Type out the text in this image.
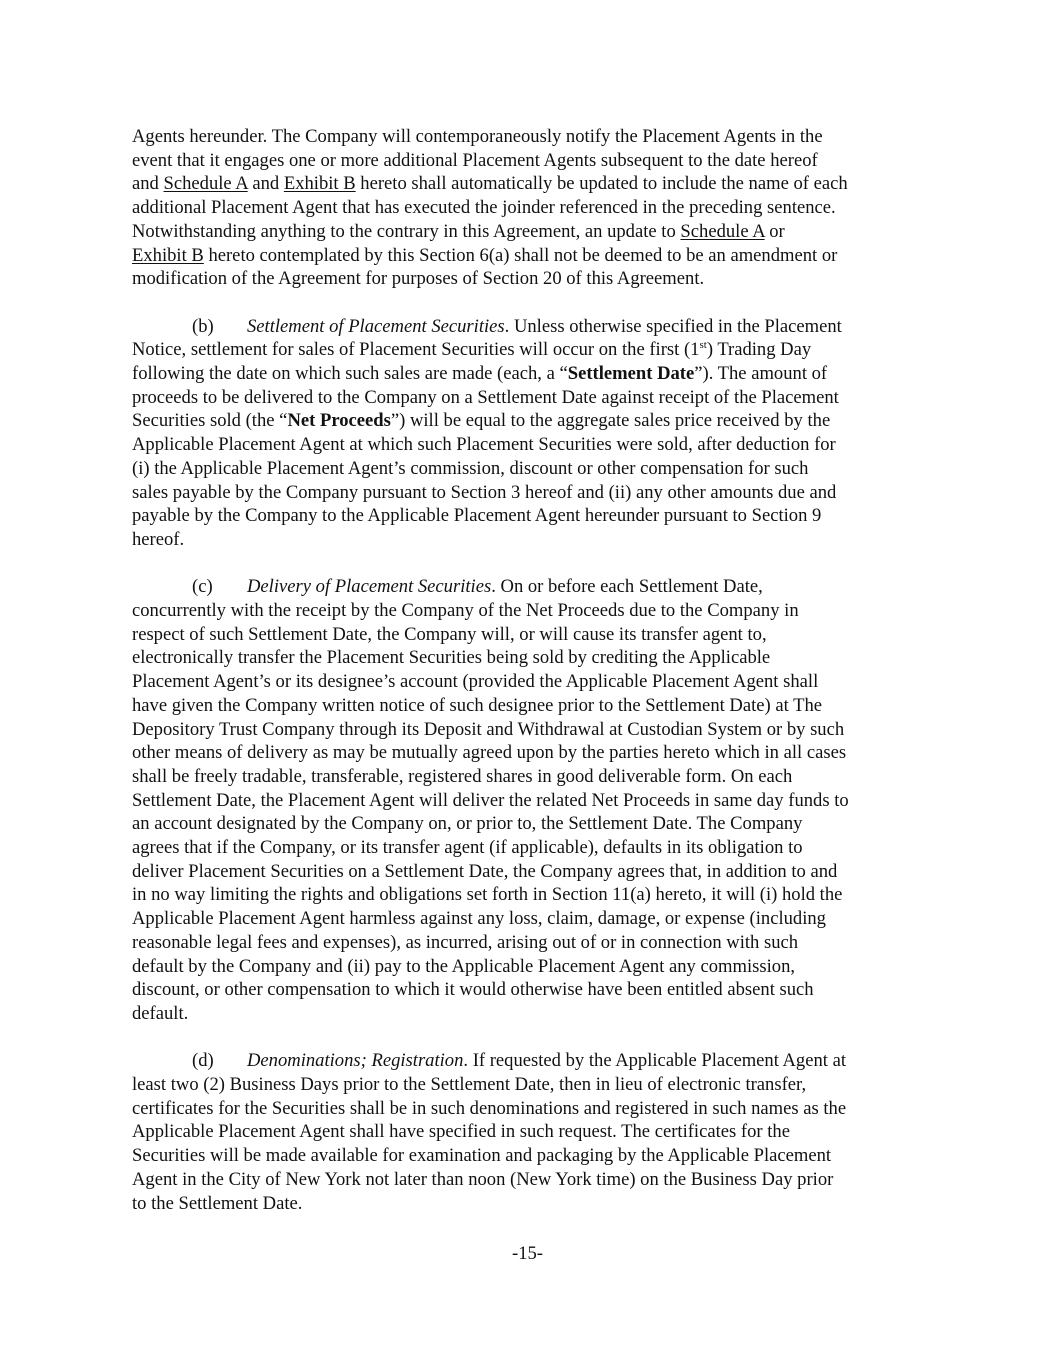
Agents hereunder. The Company will contemporaneously notify the Placement Agents in the
event that it engages one or more additional Placement Agents subsequent to the date hereof
and Schedule A and Exhibit B hereto shall automatically be updated to include the name of each
additional Placement Agent that has executed the joinder referenced in the preceding sentence.
Notwithstanding anything to the contrary in this Agreement, an update to Schedule A or
Exhibit B hereto contemplated by this Section 6(a) shall not be deemed to be an amendment or
modification of the Agreement for purposes of Section 20 of this Agreement.
(b) Settlement of Placement Securities. Unless otherwise specified in the Placement
Notice, settlement for sales of Placement Securities will occur on the first (1st) Trading Day
following the date on which such sales are made (each, a “Settlement Date”). The amount of
proceeds to be delivered to the Company on a Settlement Date against receipt of the Placement
Securities sold (the “Net Proceeds”) will be equal to the aggregate sales price received by the
Applicable Placement Agent at which such Placement Securities were sold, after deduction for
(i) the Applicable Placement Agent’s commission, discount or other compensation for such
sales payable by the Company pursuant to Section 3 hereof and (ii) any other amounts due and
payable by the Company to the Applicable Placement Agent hereunder pursuant to Section 9
hereof.
(c) Delivery of Placement Securities. On or before each Settlement Date,
concurrently with the receipt by the Company of the Net Proceeds due to the Company in
respect of such Settlement Date, the Company will, or will cause its transfer agent to,
electronically transfer the Placement Securities being sold by crediting the Applicable
Placement Agent’s or its designee’s account (provided the Applicable Placement Agent shall
have given the Company written notice of such designee prior to the Settlement Date) at The
Depository Trust Company through its Deposit and Withdrawal at Custodian System or by such
other means of delivery as may be mutually agreed upon by the parties hereto which in all cases
shall be freely tradable, transferable, registered shares in good deliverable form. On each
Settlement Date, the Placement Agent will deliver the related Net Proceeds in same day funds to
an account designated by the Company on, or prior to, the Settlement Date. The Company
agrees that if the Company, or its transfer agent (if applicable), defaults in its obligation to
deliver Placement Securities on a Settlement Date, the Company agrees that, in addition to and
in no way limiting the rights and obligations set forth in Section 11(a) hereto, it will (i) hold the
Applicable Placement Agent harmless against any loss, claim, damage, or expense (including
reasonable legal fees and expenses), as incurred, arising out of or in connection with such
default by the Company and (ii) pay to the Applicable Placement Agent any commission,
discount, or other compensation to which it would otherwise have been entitled absent such
default.
(d) Denominations; Registration. If requested by the Applicable Placement Agent at
least two (2) Business Days prior to the Settlement Date, then in lieu of electronic transfer,
certificates for the Securities shall be in such denominations and registered in such names as the
Applicable Placement Agent shall have specified in such request. The certificates for the
Securities will be made available for examination and packaging by the Applicable Placement
Agent in the City of New York not later than noon (New York time) on the Business Day prior
to the Settlement Date.
-15-
